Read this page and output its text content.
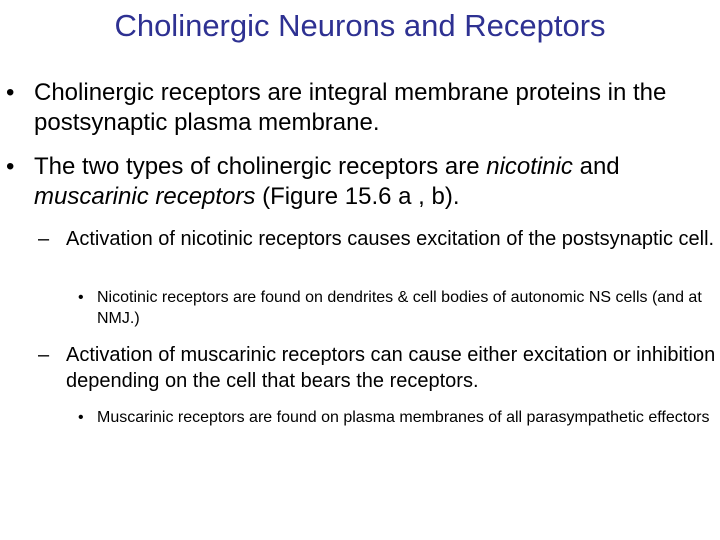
Cholinergic Neurons and Receptors
• Cholinergic receptors are integral membrane proteins in the postsynaptic plasma membrane.
• The two types of cholinergic receptors are nicotinic and muscarinic receptors (Figure 15.6 a , b).
– Activation of nicotinic receptors causes excitation of the postsynaptic cell.
• Nicotinic receptors are found on dendrites & cell bodies of autonomic NS cells (and at NMJ.)
– Activation of muscarinic receptors can cause either excitation or inhibition depending on the cell that bears the receptors.
• Muscarinic receptors are found on plasma membranes of all parasympathetic effectors
